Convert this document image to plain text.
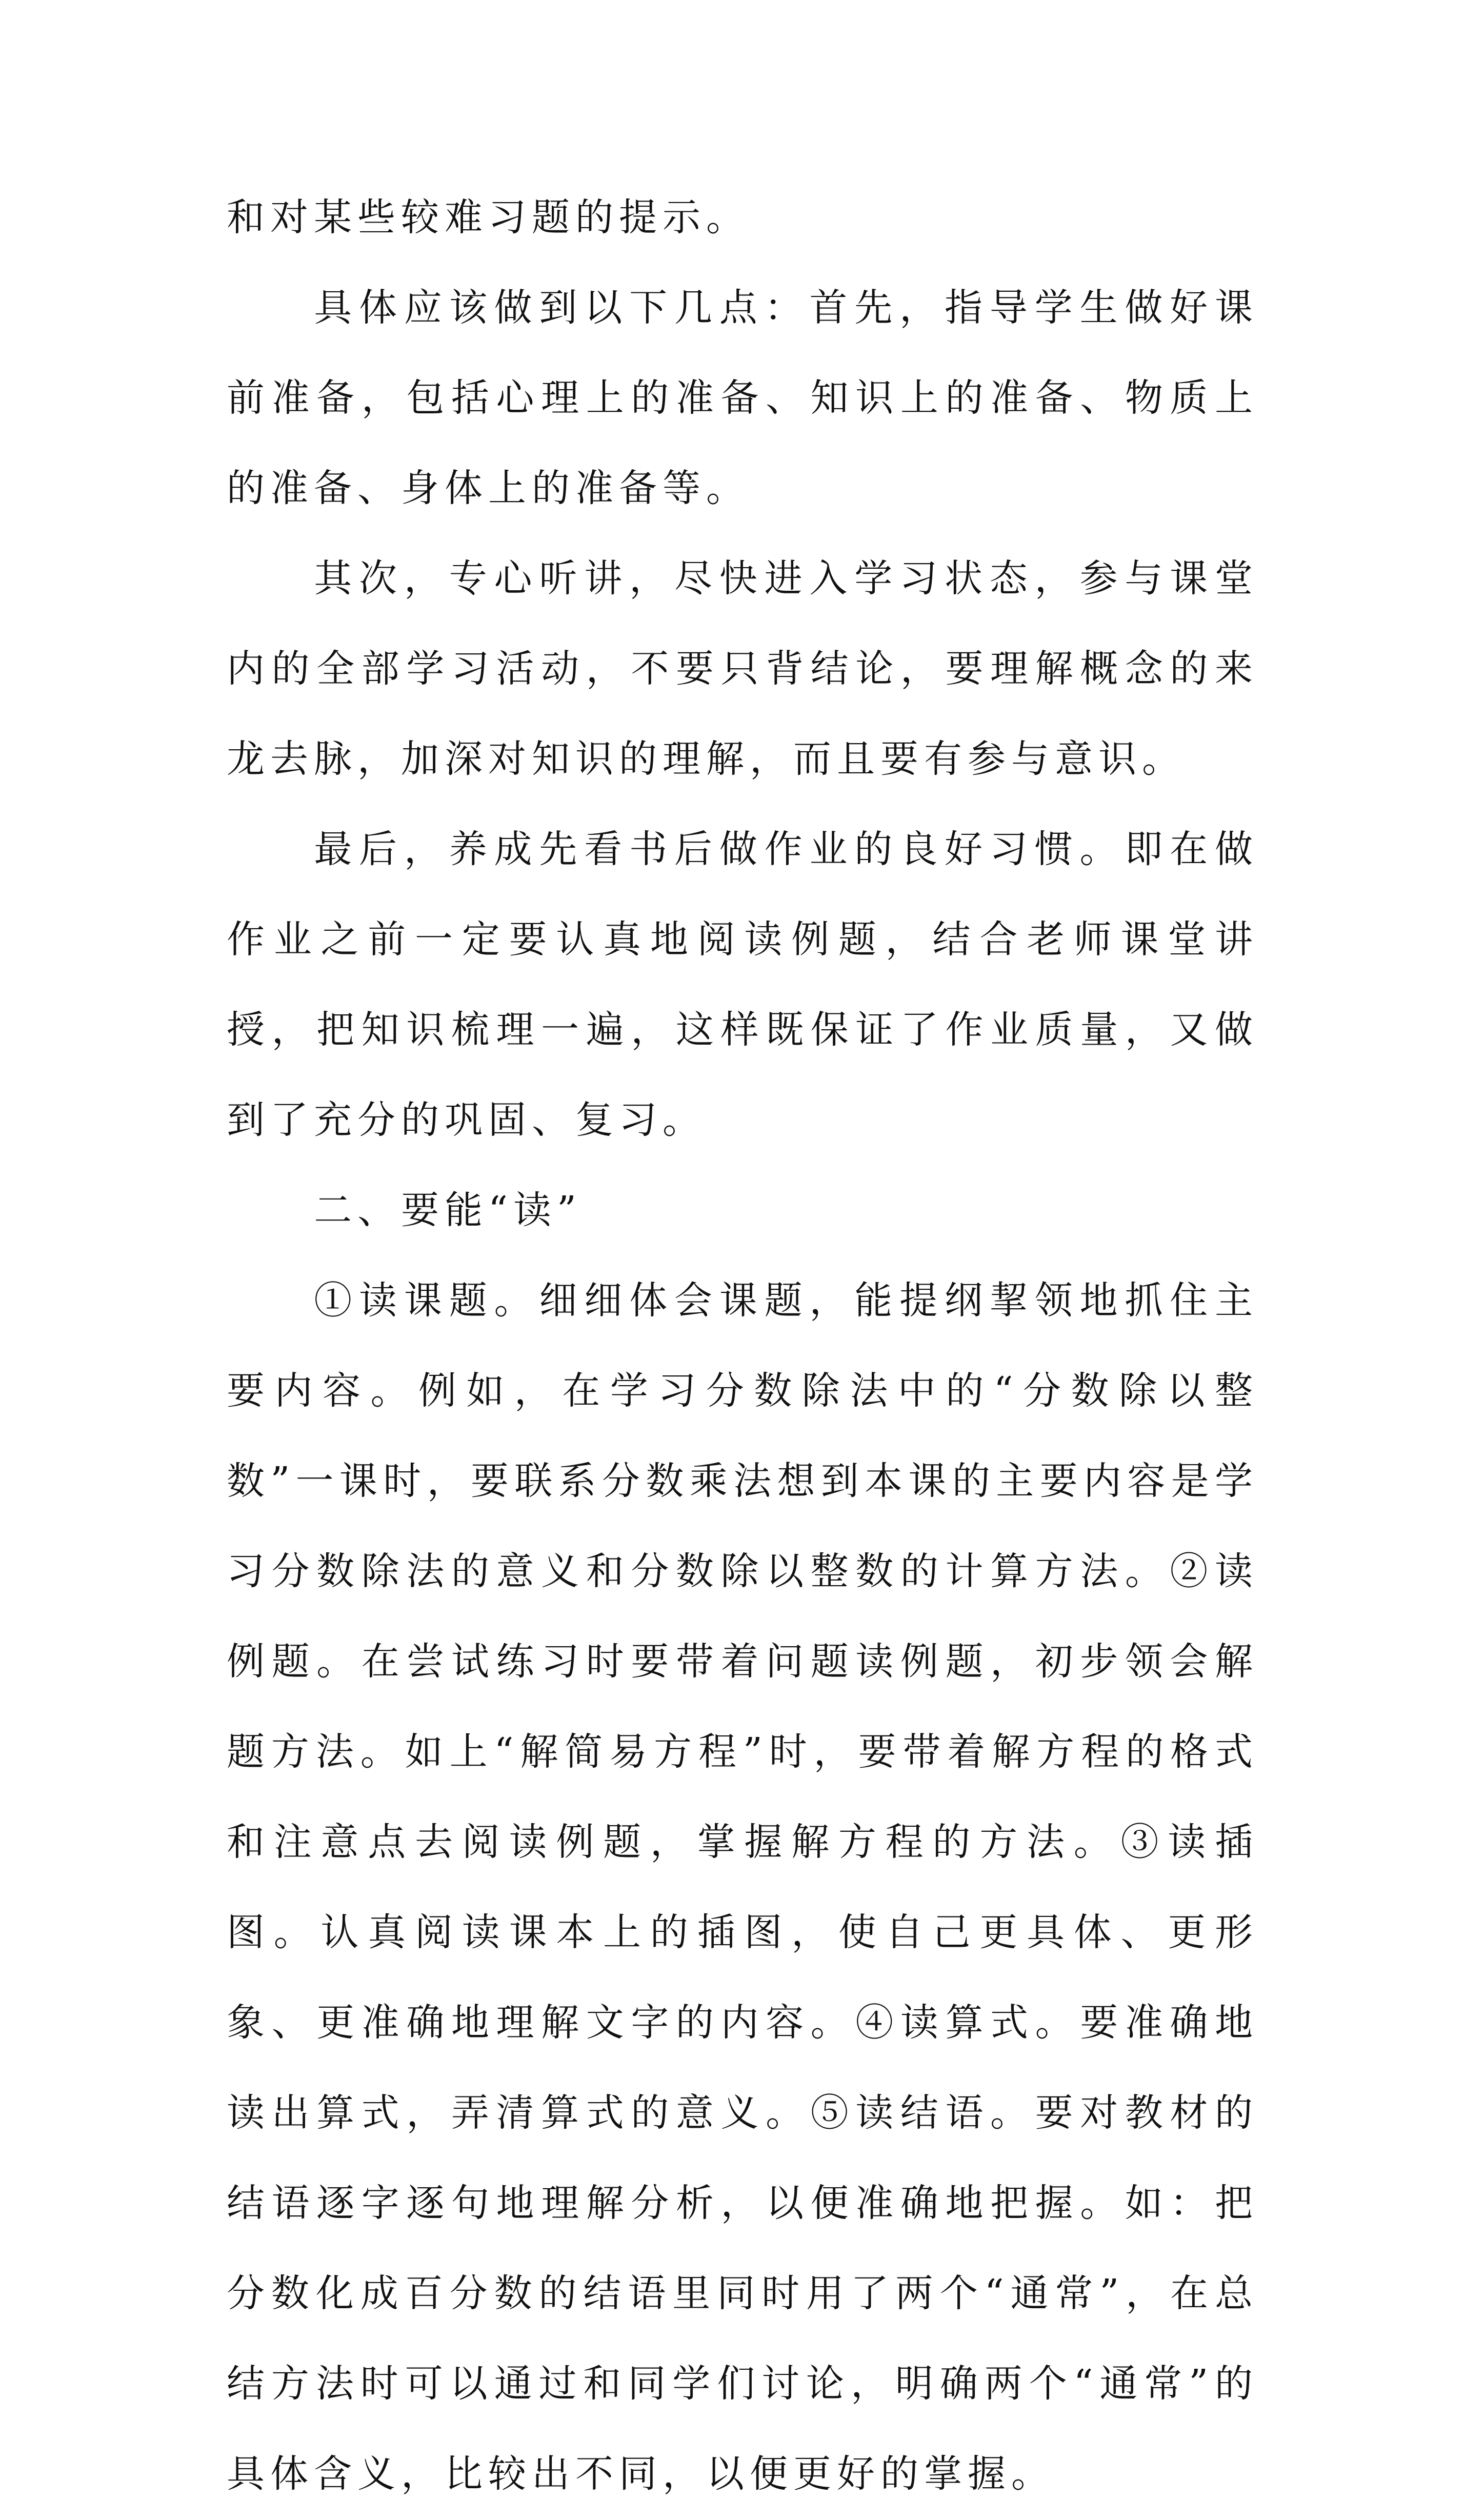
和对某些较难习题的提示。

具体应该做到以下几点：首先，指导学生做好课前准备，包括心理上的准备、知识上的准备、物质上的准备、身体上的准备等。

其次，专心听讲，尽快进入学习状态，参与课堂内的全部学习活动，不要只背结论，要理解概念的来龙去脉，加深对知识的理解，而且要有参与意识。

最后，养成先看书后做作业的良好习惯。即在做作业之前一定要认真地阅读例题，结合老师课堂讲授，把知识梳理一遍，这样既保证了作业质量，又做到了充分的巩固、复习。

二、要能“读”

①读课题。细细体会课题，能提纲挈领地抓住主要内容。例如，在学习分数除法中的“分数除以整数”一课时，要联系分数乘法想到本课的主要内容是学习分数除法的意义和分数除以整数的计算方法。②读例题。在尝试练习时要带着问题读例题，初步领会解题方法。如上“解简易方程”时，要带着解方程的格式和注意点去阅读例题，掌握解方程的方法。③读插图。认真阅读课本上的插图，使自己更具体、更形象、更准确地理解文字的内容。④读算式。要准确地读出算式，弄清算式的意义。⑤读结语。要对教材的结语逐字逐句地理解分析，以便准确地把握。如：把分数化成百分数的结语里同时用了两个“通常”，在总结方法时可以通过和同学们讨论，明确两个“通常”的具体含义，比较出不同，以便更好的掌握。
